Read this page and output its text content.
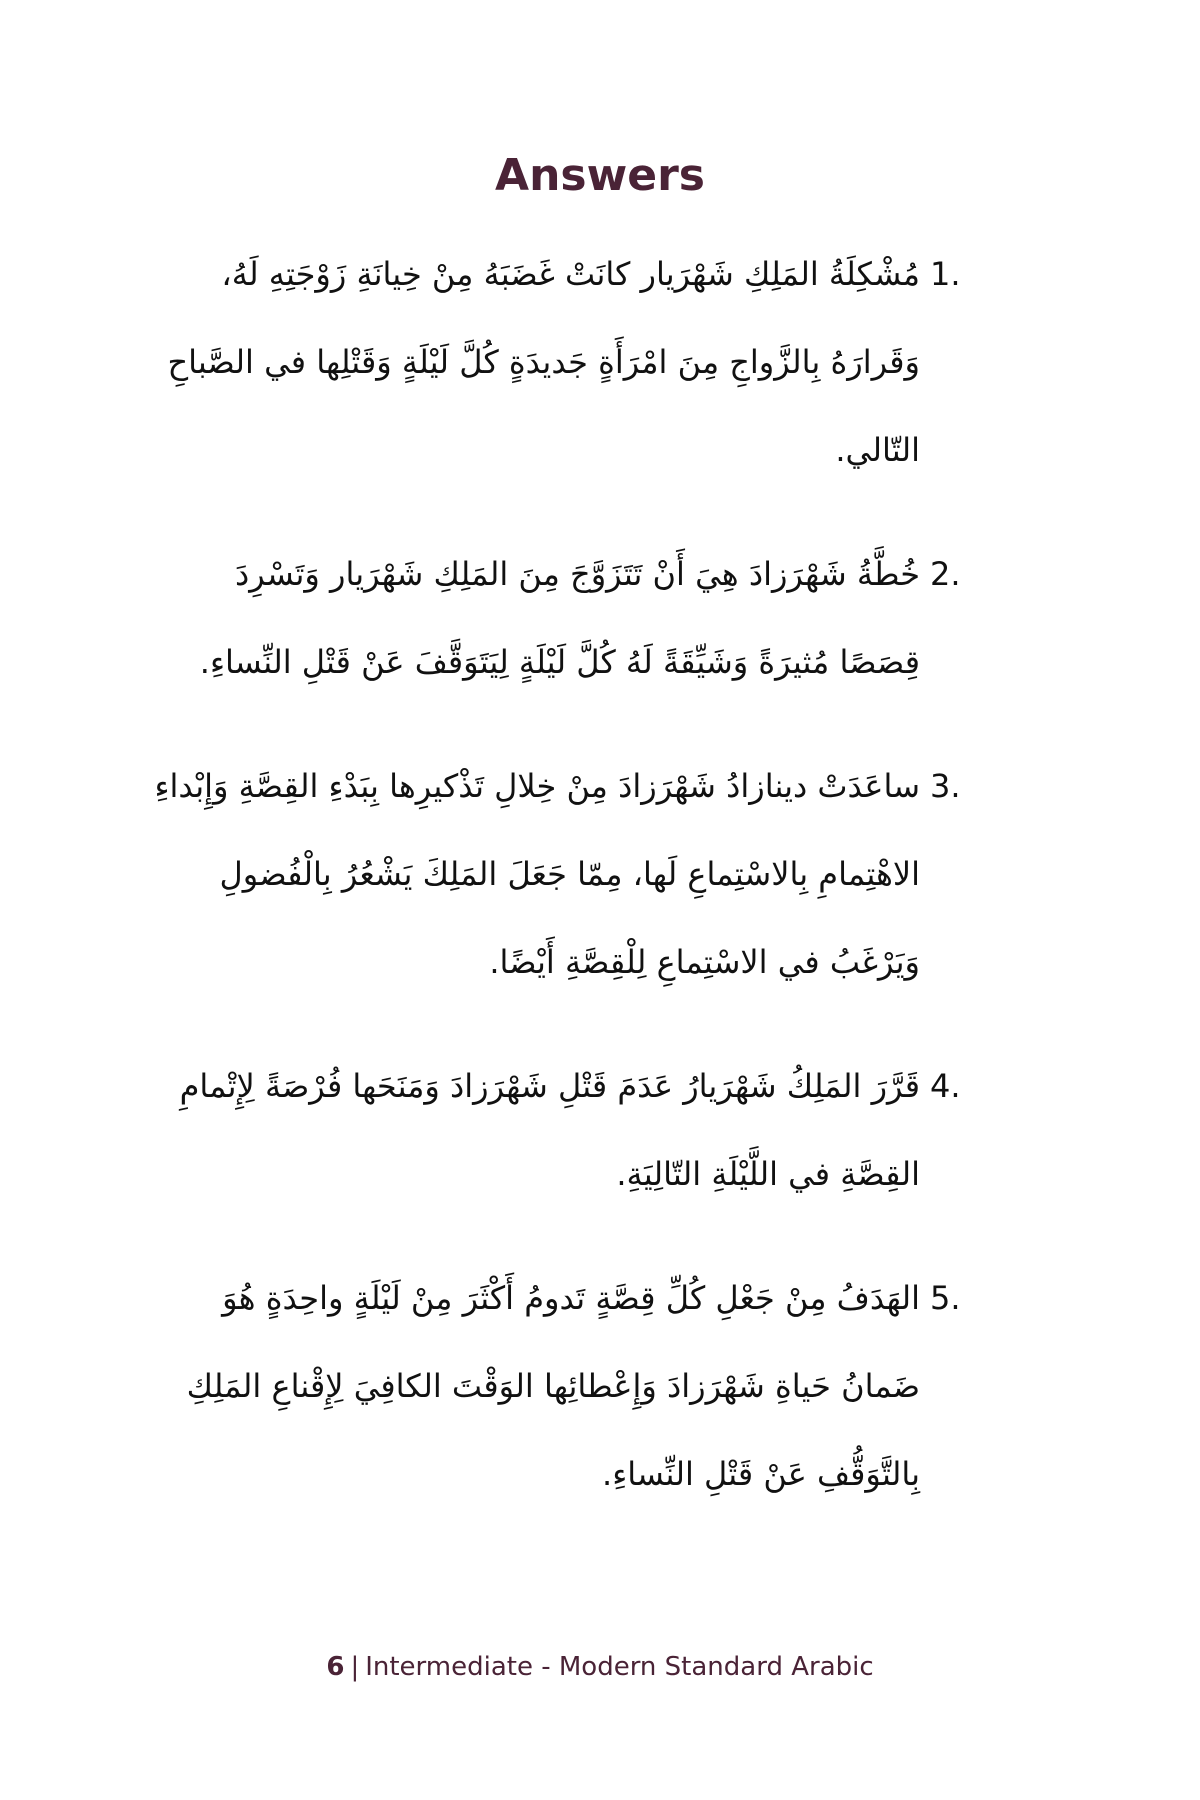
Answers
1.
مُشْكِلَةُ المَلِكِ شَهْرَيار كانَتْ غَضَبَهُ مِنْ خِيانَةِ زَوْجَتِهِ لَهُ، وَقَرارَهُ بِالزَّواجِ مِنَ امْرَأَةٍ جَديدَةٍ كُلَّ لَيْلَةٍ وَقَتْلِها في الصَّباحِ التّالي.
2.
خُطَّةُ شَهْرَزادَ هِيَ أَنْ تَتَزَوَّجَ مِنَ المَلِكِ شَهْرَيار وَتَسْرِدَ قِصَصًا مُثيرَةً وَشَيِّقَةً لَهُ كُلَّ لَيْلَةٍ لِيَتَوَقَّفَ عَنْ قَتْلِ النِّساءِ.
3.
ساعَدَتْ دينازادُ شَهْرَزادَ مِنْ خِلالِ تَذْكيرِها بِبَدْءِ القِصَّةِ وَإِبْداءِ الاهْتِمامِ بِالاسْتِماعِ لَها، مِمّا جَعَلَ المَلِكَ يَشْعُرُ بِالْفُضولِ وَيَرْغَبُ في الاسْتِماعِ لِلْقِصَّةِ أَيْضًا.
4.
قَرَّرَ المَلِكُ شَهْرَيارُ عَدَمَ قَتْلِ شَهْرَزادَ وَمَنَحَها فُرْصَةً لِإِتْمامِ القِصَّةِ في اللَّيْلَةِ التّالِيَةِ.
5.
الهَدَفُ مِنْ جَعْلِ كُلِّ قِصَّةٍ تَدومُ أَكْثَرَ مِنْ لَيْلَةٍ واحِدَةٍ هُوَ ضَمانُ حَياةِ شَهْرَزادَ وَإِعْطائِها الوَقْتَ الكافِيَ لِإِقْناعِ المَلِكِ بِالتَّوَقُّفِ عَنْ قَتْلِ النِّساءِ.
6 | Intermediate - Modern Standard Arabic
